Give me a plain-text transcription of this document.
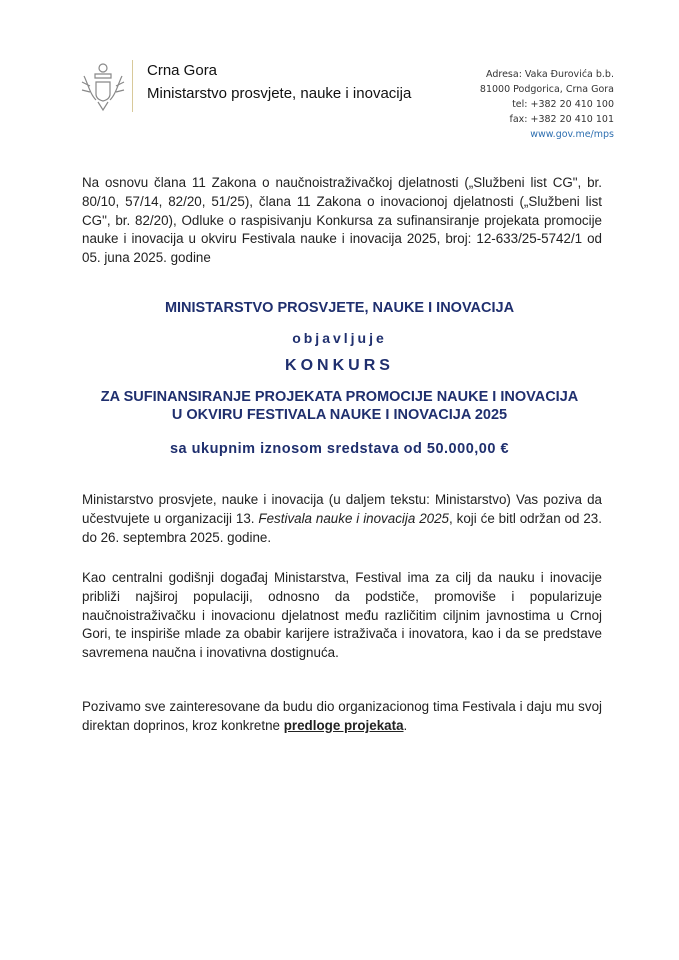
Crna Gora
Ministarstvo prosvjete, nauke i inovacija
Adresa: Vaka Đurovića b.b.
81000 Podgorica, Crna Gora
tel: +382 20 410 100
fax: +382 20 410 101
www.gov.me/mps
Na osnovu člana 11 Zakona o naučnoistraživačkoj djelatnosti („Službeni list CG", br. 80/10, 57/14, 82/20, 51/25), člana 11 Zakona o inovacionoj djelatnosti („Službeni list CG", br. 82/20), Odluke o raspisivanju Konkursa za sufinansiranje projekata promocije nauke i inovacija u okviru Festivala nauke i inovacija 2025, broj: 12-633/25-5742/1 od 05. juna 2025. godine
MINISTARSTVO PROSVJETE, NAUKE I INOVACIJA
objavljuje
KONKURS
ZA SUFINANSIRANJE PROJEKATA PROMOCIJE NAUKE I INOVACIJA
U OKVIRU FESTIVALA NAUKE I INOVACIJA 2025
sa ukupnim iznosom sredstava od 50.000,00 €
Ministarstvo prosvjete, nauke i inovacija (u daljem tekstu: Ministarstvo) Vas poziva da učestvujete u organizaciji 13. Festivala nauke i inovacija 2025, koji će bitl održan od 23. do 26. septembra 2025. godine.
Kao centralni godišnji događaj Ministarstva, Festival ima za cilj da nauku i inovacije približi najširoj populaciji, odnosno da podstiče, promoviše i popularizuje naučnoistraživačku i inovacionu djelatnost među različitim ciljnim javnostima u Crnoj Gori, te inspiriše mlade za obabir karijere istraživača i inovatora, kao i da se predstave savremena naučna i inovativna dostignuća.
Pozivamo sve zainteresovane da budu dio organizacionog tima Festivala i daju mu svoj direktan doprinos, kroz konkretne predloge projekata.
